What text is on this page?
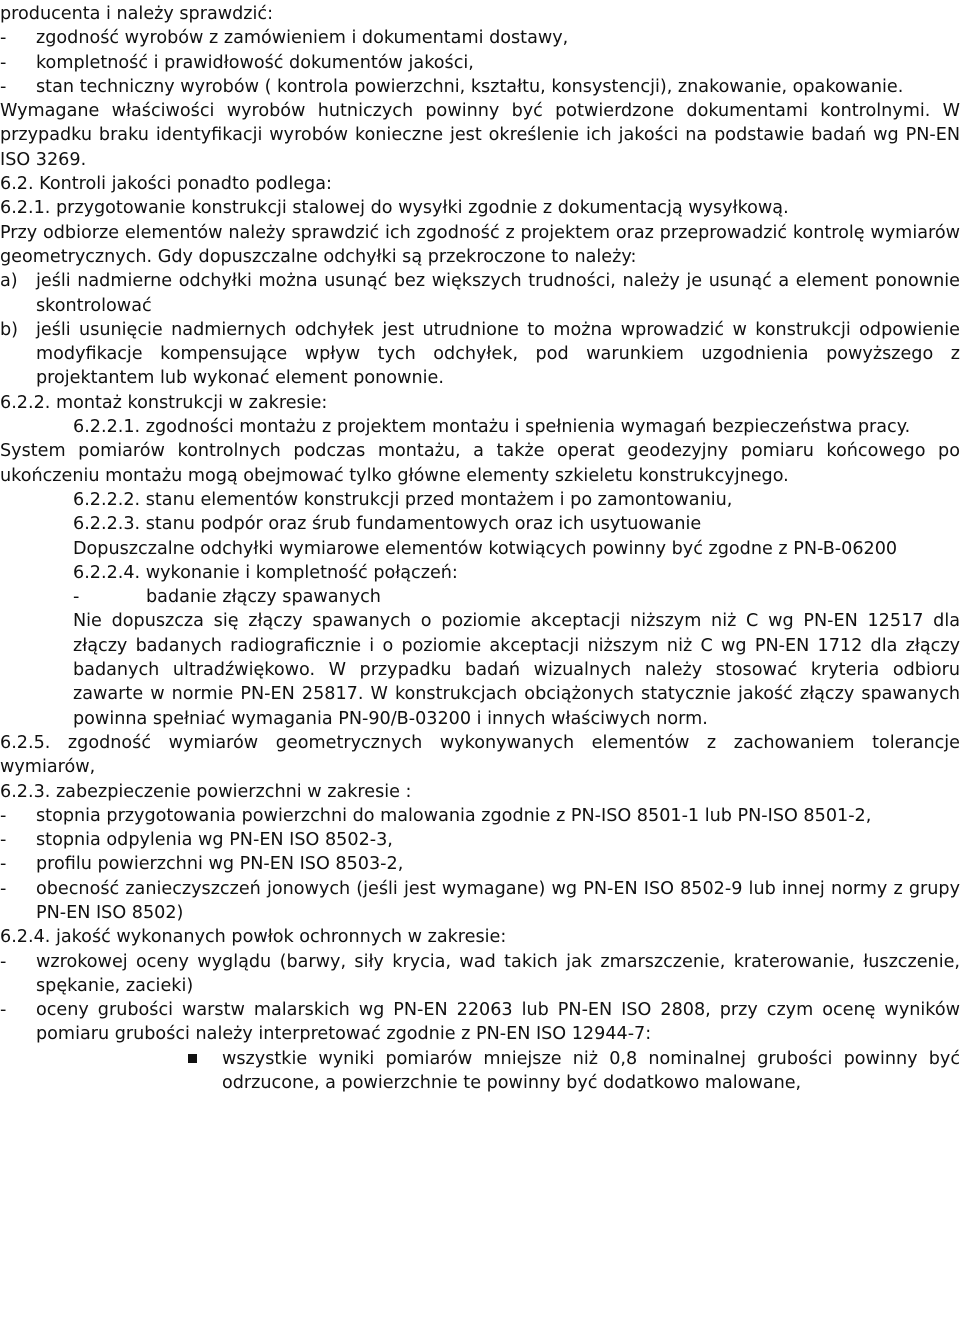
producenta i należy sprawdzić:

-	zgodność wyrobów z zamówieniem i dokumentami dostawy,
-	kompletność i prawidłowość dokumentów jakości,
-	stan techniczny wyrobów ( kontrola powierzchni, kształtu, konsystencji), znakowanie, opakowanie.

Wymagane właściwości wyrobów hutniczych powinny być potwierdzone dokumentami kontrolnymi. W przypadku braku identyfikacji wyrobów konieczne jest określenie ich jakości na podstawie badań wg PN-EN ISO 3269.

6.2. Kontroli jakości ponadto podlega:

6.2.1. przygotowanie konstrukcji stalowej do wysyłki zgodnie z dokumentacją wysyłkową.

Przy odbiorze elementów należy sprawdzić ich zgodność z projektem oraz przeprowadzić kontrolę wymiarów geometrycznych. Gdy dopuszczalne odchyłki są przekroczone to należy:

a)	jeśli nadmierne odchyłki można usunąć bez większych trudności, należy je usunąć a element ponownie skontrolować
b)	jeśli usunięcie nadmiernych odchyłek jest utrudnione to można wprowadzić w konstrukcji odpowienie modyfikacje kompensujące wpływ tych odchyłek, pod warunkiem uzgodnienia powyższego z projektantem lub wykonać element ponownie.

6.2.2. montaż konstrukcji w zakresie:

6.2.2.1. zgodności montażu z projektem montażu i spełnienia wymagań bezpieczeństwa pracy.

System pomiarów kontrolnych podczas montażu, a także operat geodezyjny pomiaru końcowego po ukończeniu montażu mogą obejmować tylko główne elementy szkieletu konstrukcyjnego.

6.2.2.2. stanu elementów konstrukcji przed montażem i po zamontowaniu,

6.2.2.3. stanu podpór oraz śrub fundamentowych oraz ich usytuowanie

Dopuszczalne odchyłki wymiarowe elementów kotwiących powinny być zgodne z PN-B-06200

6.2.2.4. wykonanie i kompletność połączeń:

-	badanie złączy spawanych

Nie dopuszcza się złączy spawanych o poziomie akceptacji niższym niż C wg PN-EN 12517 dla złączy badanych radiograficznie i o poziomie akceptacji niższym niż C wg PN-EN 1712 dla złączy badanych ultradźwiękowo. W przypadku badań wizualnych należy stosować kryteria odbioru zawarte w normie PN-EN 25817. W konstrukcjach obciążonych statycznie jakość złączy spawanych powinna spełniać wymagania PN-90/B-03200 i innych właściwych norm.

6.2.5. zgodność wymiarów geometrycznych wykonywanych elementów z zachowaniem tolerancje wymiarów,

6.2.3. zabezpieczenie powierzchni w zakresie :

-	stopnia przygotowania powierzchni do malowania zgodnie z PN-ISO 8501-1 lub PN-ISO 8501-2,
-	stopnia odpylenia wg PN-EN ISO 8502-3,
-	profilu powierzchni wg PN-EN ISO 8503-2,
-	obecność zanieczyszczeń jonowych (jeśli jest wymagane) wg PN-EN ISO 8502-9 lub innej normy z grupy PN-EN ISO 8502)

6.2.4. jakość wykonanych powłok ochronnych w zakresie:

-	wzrokowej oceny wyglądu (barwy, siły krycia, wad takich jak zmarszczenie, kraterowanie, łuszczenie, spękanie, zacieki)
-	oceny grubości warstw malarskich wg PN-EN 22063 lub PN-EN ISO 2808, przy czym ocenę wyników pomiaru grubości należy interpretować zgodnie z PN-EN ISO 12944-7:
wszystkie wyniki pomiarów mniejsze niż 0,8 nominalnej grubości powinny być odrzucone, a powierzchnie te powinny być dodatkowo malowane,
